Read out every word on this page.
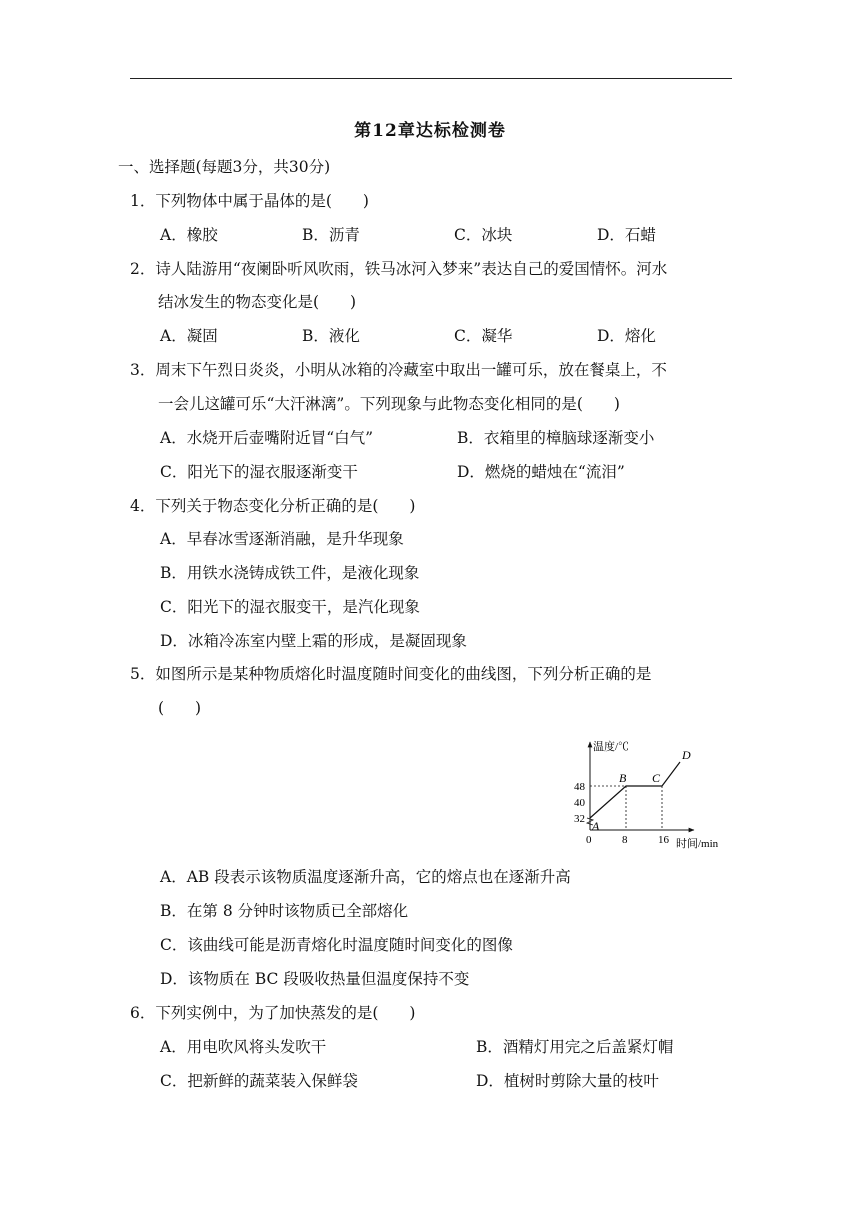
第12章达标检测卷
一、选择题(每题3分，共30分)
1．下列物体中属于晶体的是(　　)
A．橡胶	B．沥青	C．冰块	D．石蜡
2．诗人陆游用“夜阑卧听风吹雨，铁马冰河入梦来”表达自己的爱国情怀。河水
结冰发生的物态变化是(　　)
A．凝固	B．液化	C．凝华	D．熔化
3．周末下午烈日炎炎，小明从冰箱的冷藏室中取出一罐可乐，放在餐桌上，不
一会儿这罐可乐“大汗淋漓”。下列现象与此物态变化相同的是(　　)
A．水烧开后壶嘴附近冒“白气”	B．衣箱里的樟脑球逐渐变小
C．阳光下的湿衣服逐渐变干	D．燃烧的蜡烛在“流泪”
4．下列关于物态变化分析正确的是(　　)
A．早春冰雪逐渐消融，是升华现象
B．用铁水浇铸成铁工件，是液化现象
C．阳光下的湿衣服变干，是汽化现象
D．冰箱冷冻室内壁上霜的形成，是凝固现象
5．如图所示是某种物质熔化时温度随时间变化的曲线图，下列分析正确的是
(　　)
温度/℃
时间/min
32
40
48
0	8	16
A
B C
D
A．AB 段表示该物质温度逐渐升高，它的熔点也在逐渐升高
B．在第 8 分钟时该物质已全部熔化
C．该曲线可能是沥青熔化时温度随时间变化的图像
D．该物质在 BC 段吸收热量但温度保持不变
6．下列实例中，为了加快蒸发的是(　　)
A．用电吹风将头发吹干	B．酒精灯用完之后盖紧灯帽
C．把新鲜的蔬菜装入保鲜袋	D．植树时剪除大量的枝叶
